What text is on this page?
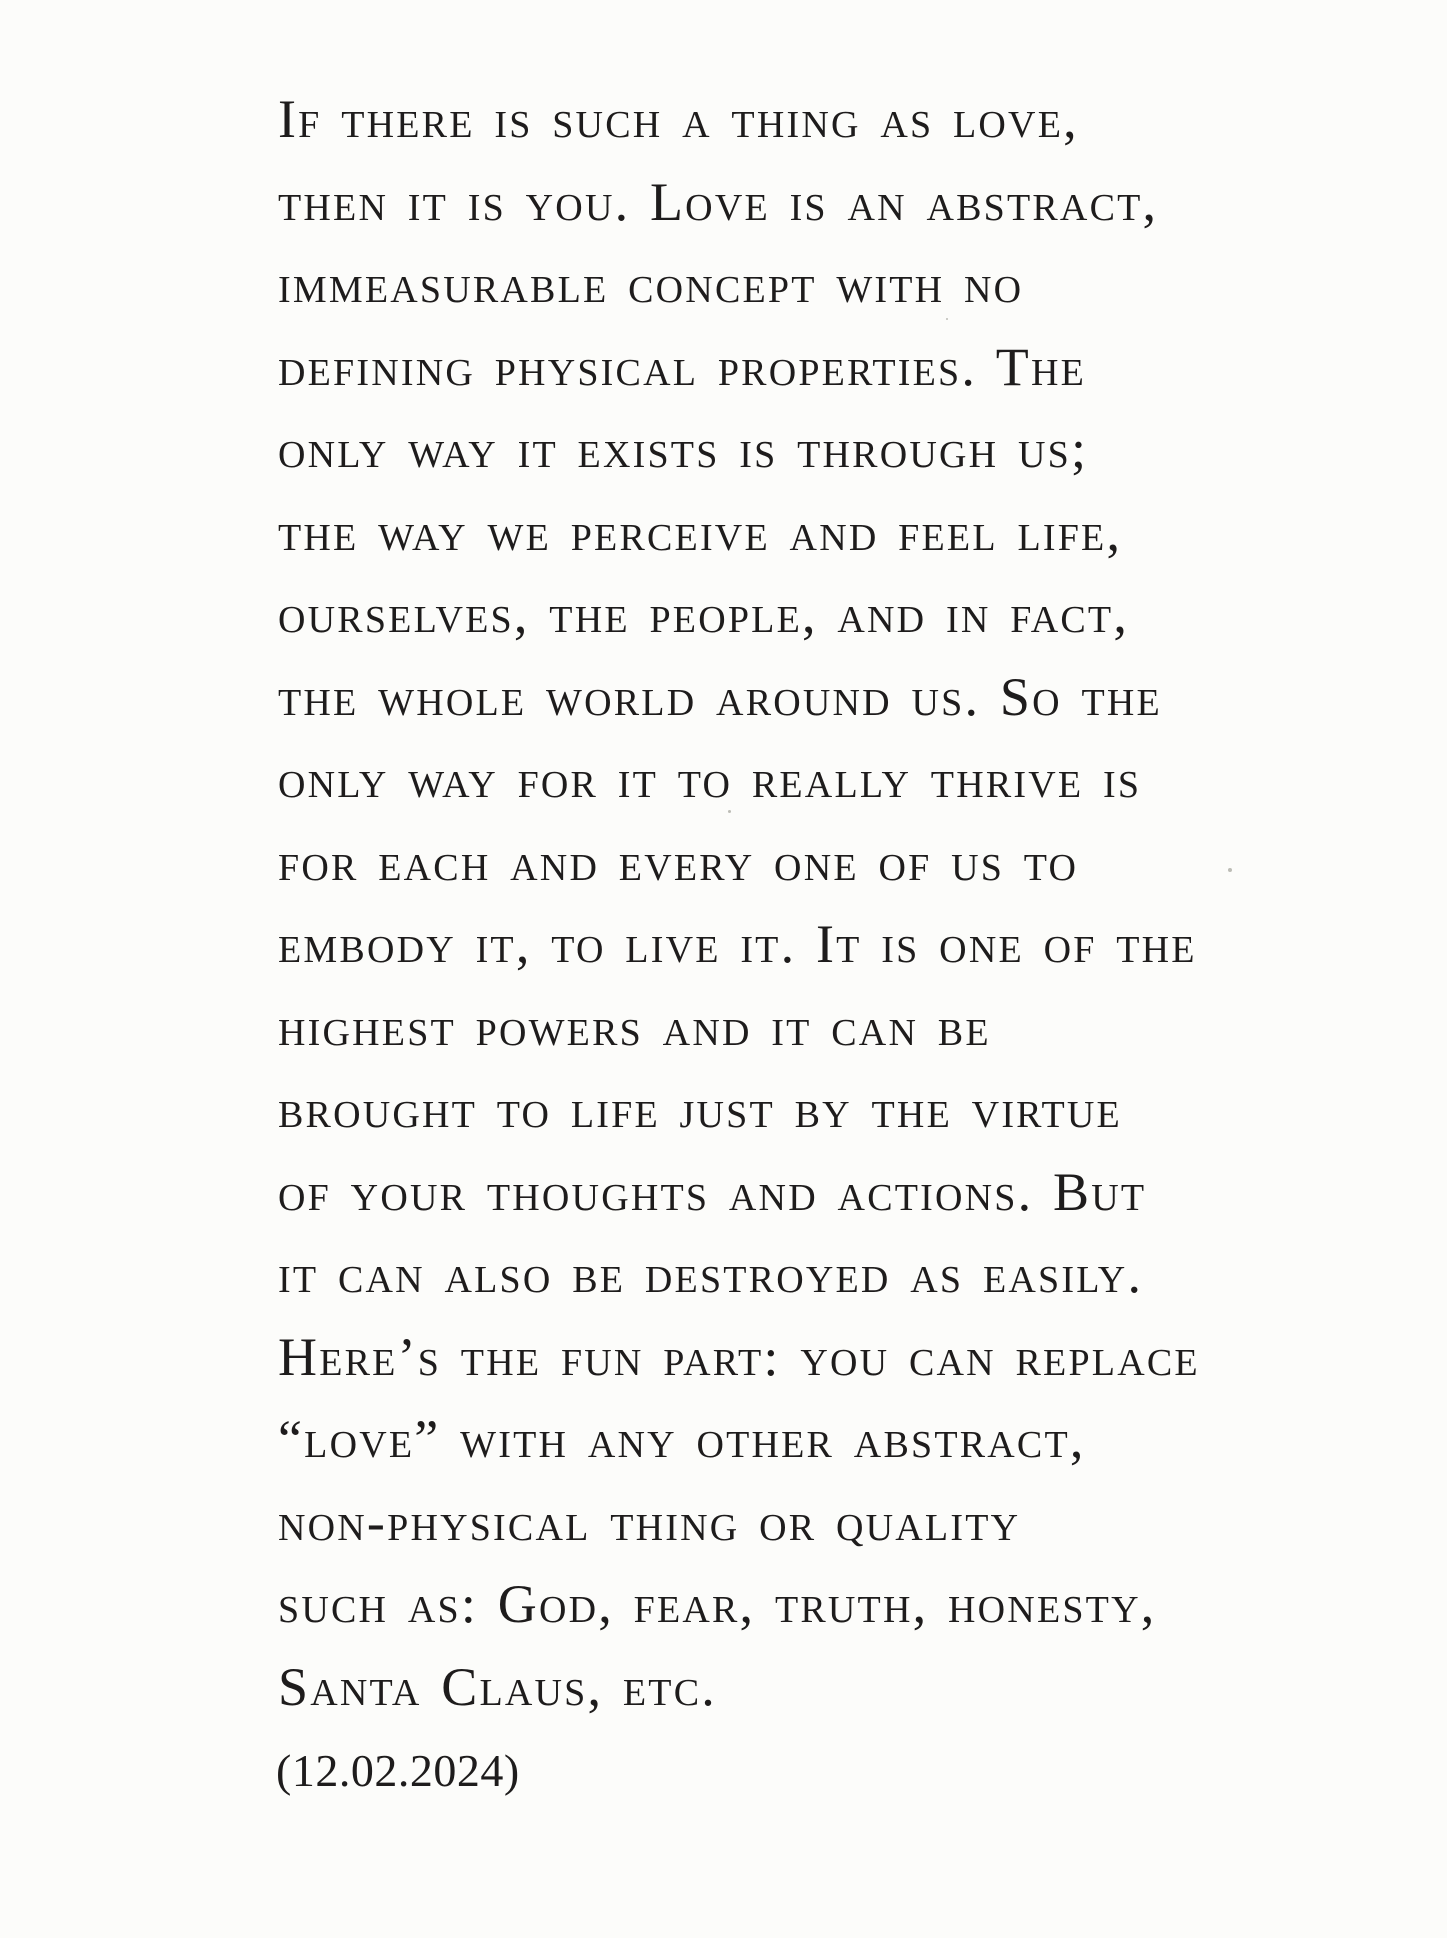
If there is such a thing as love,
then it is you. Love is an abstract,
immeasurable concept with no
defining physical properties. The
only way it exists is through us;
the way we perceive and feel life,
ourselves, the people, and in fact,
the whole world around us. So the
only way for it to really thrive is
for each and every one of us to
embody it, to live it. It is one of the
highest powers and it can be
brought to life just by the virtue
of your thoughts and actions. But
it can also be destroyed as easily.
Here’s the fun part: you can replace
“love” with any other abstract,
non-physical thing or quality
such as: God, fear, truth, honesty,
Santa Claus, etc.
(12.02.2024)
